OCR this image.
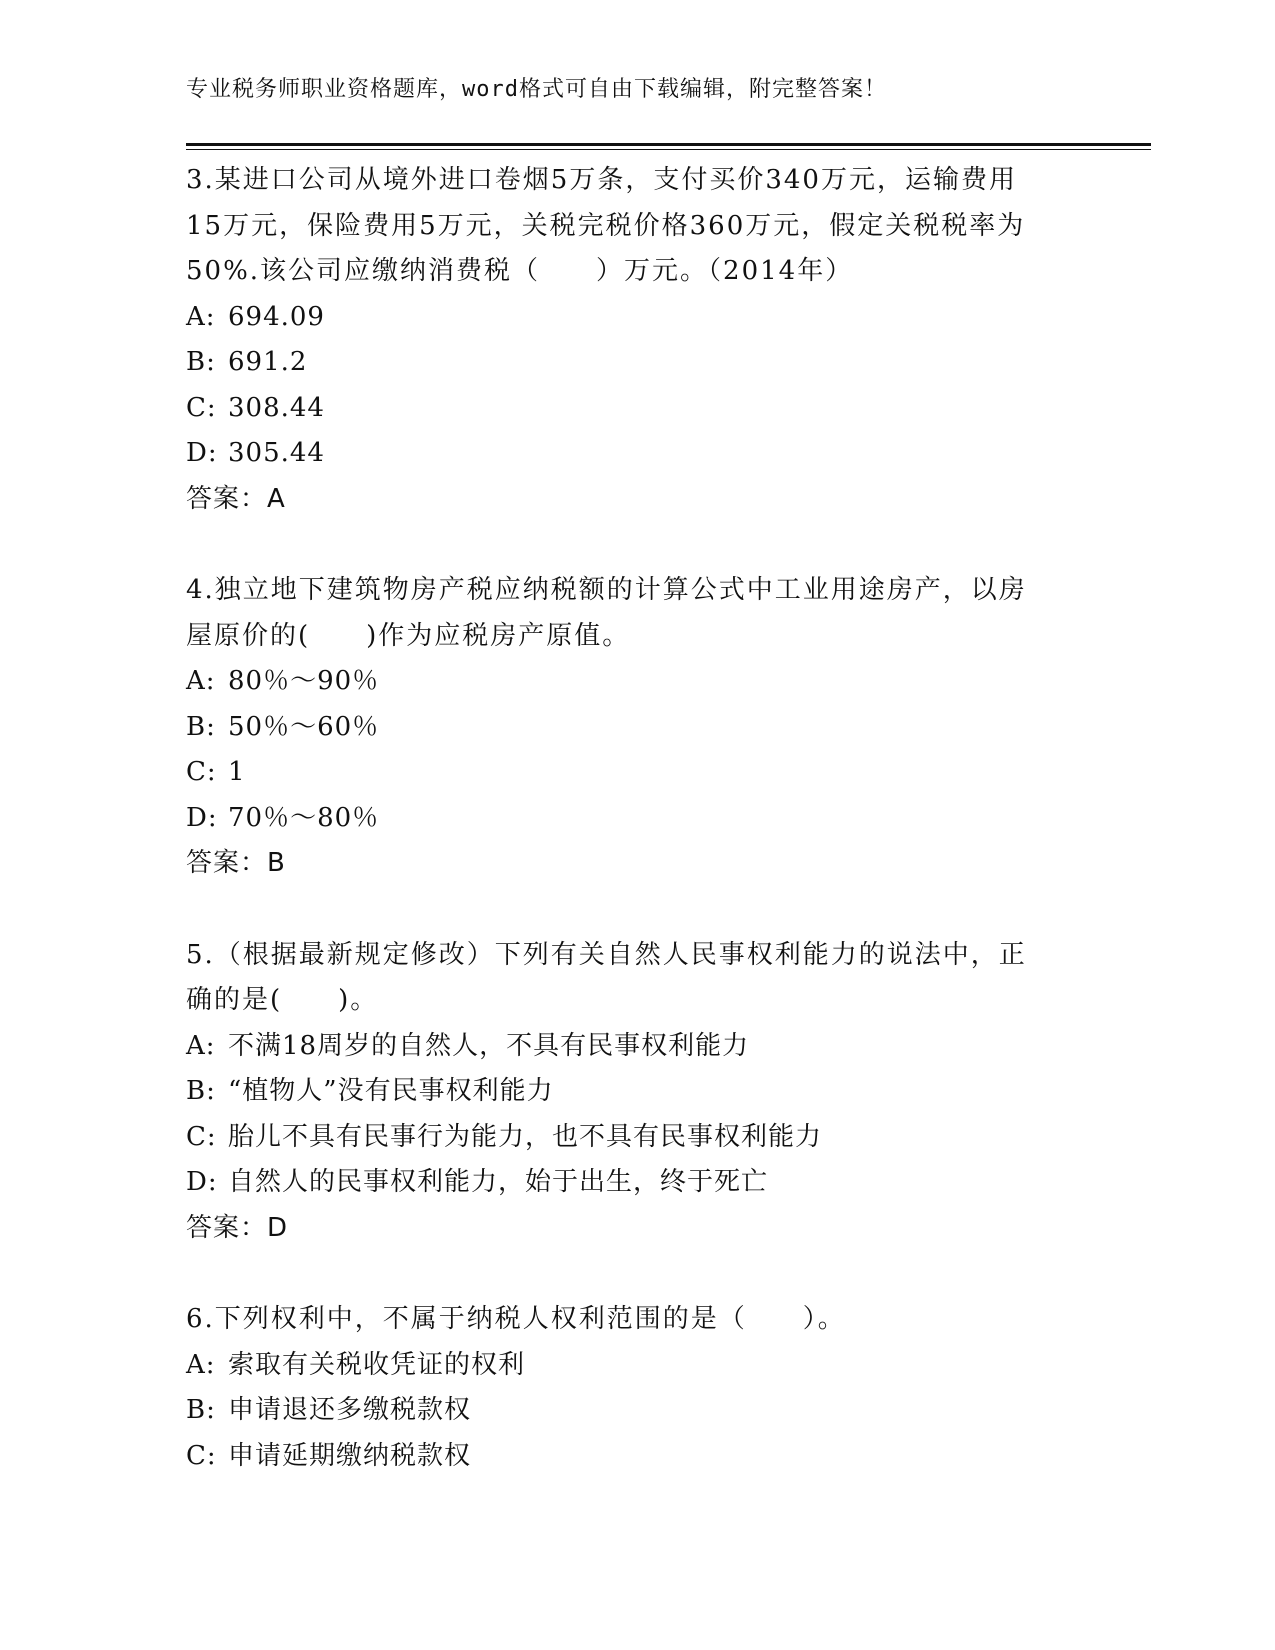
专业税务师职业资格题库，word格式可自由下载编辑，附完整答案！
3.某进口公司从境外进口卷烟5万条，支付买价340万元，运输费用
15万元，保险费用5万元，关税完税价格360万元，假定关税税率为
50%.该公司应缴纳消费税（　　）万元。（2014年）
A: 694.09
B: 691.2
C: 308.44
D: 305.44
答案：A
4.独立地下建筑物房产税应纳税额的计算公式中工业用途房产，以房
屋原价的(　　)作为应税房产原值。
A: 80％～90％
B: 50％～60％
C: 1
D: 70％～80％
答案：B
5.（根据最新规定修改）下列有关自然人民事权利能力的说法中，正
确的是(　　)。
A: 不满18周岁的自然人，不具有民事权利能力
B: “植物人”没有民事权利能力
C: 胎儿不具有民事行为能力，也不具有民事权利能力
D: 自然人的民事权利能力，始于出生，终于死亡
答案：D
6.下列权利中，不属于纳税人权利范围的是（　　）。
A: 索取有关税收凭证的权利
B: 申请退还多缴税款权
C: 申请延期缴纳税款权
